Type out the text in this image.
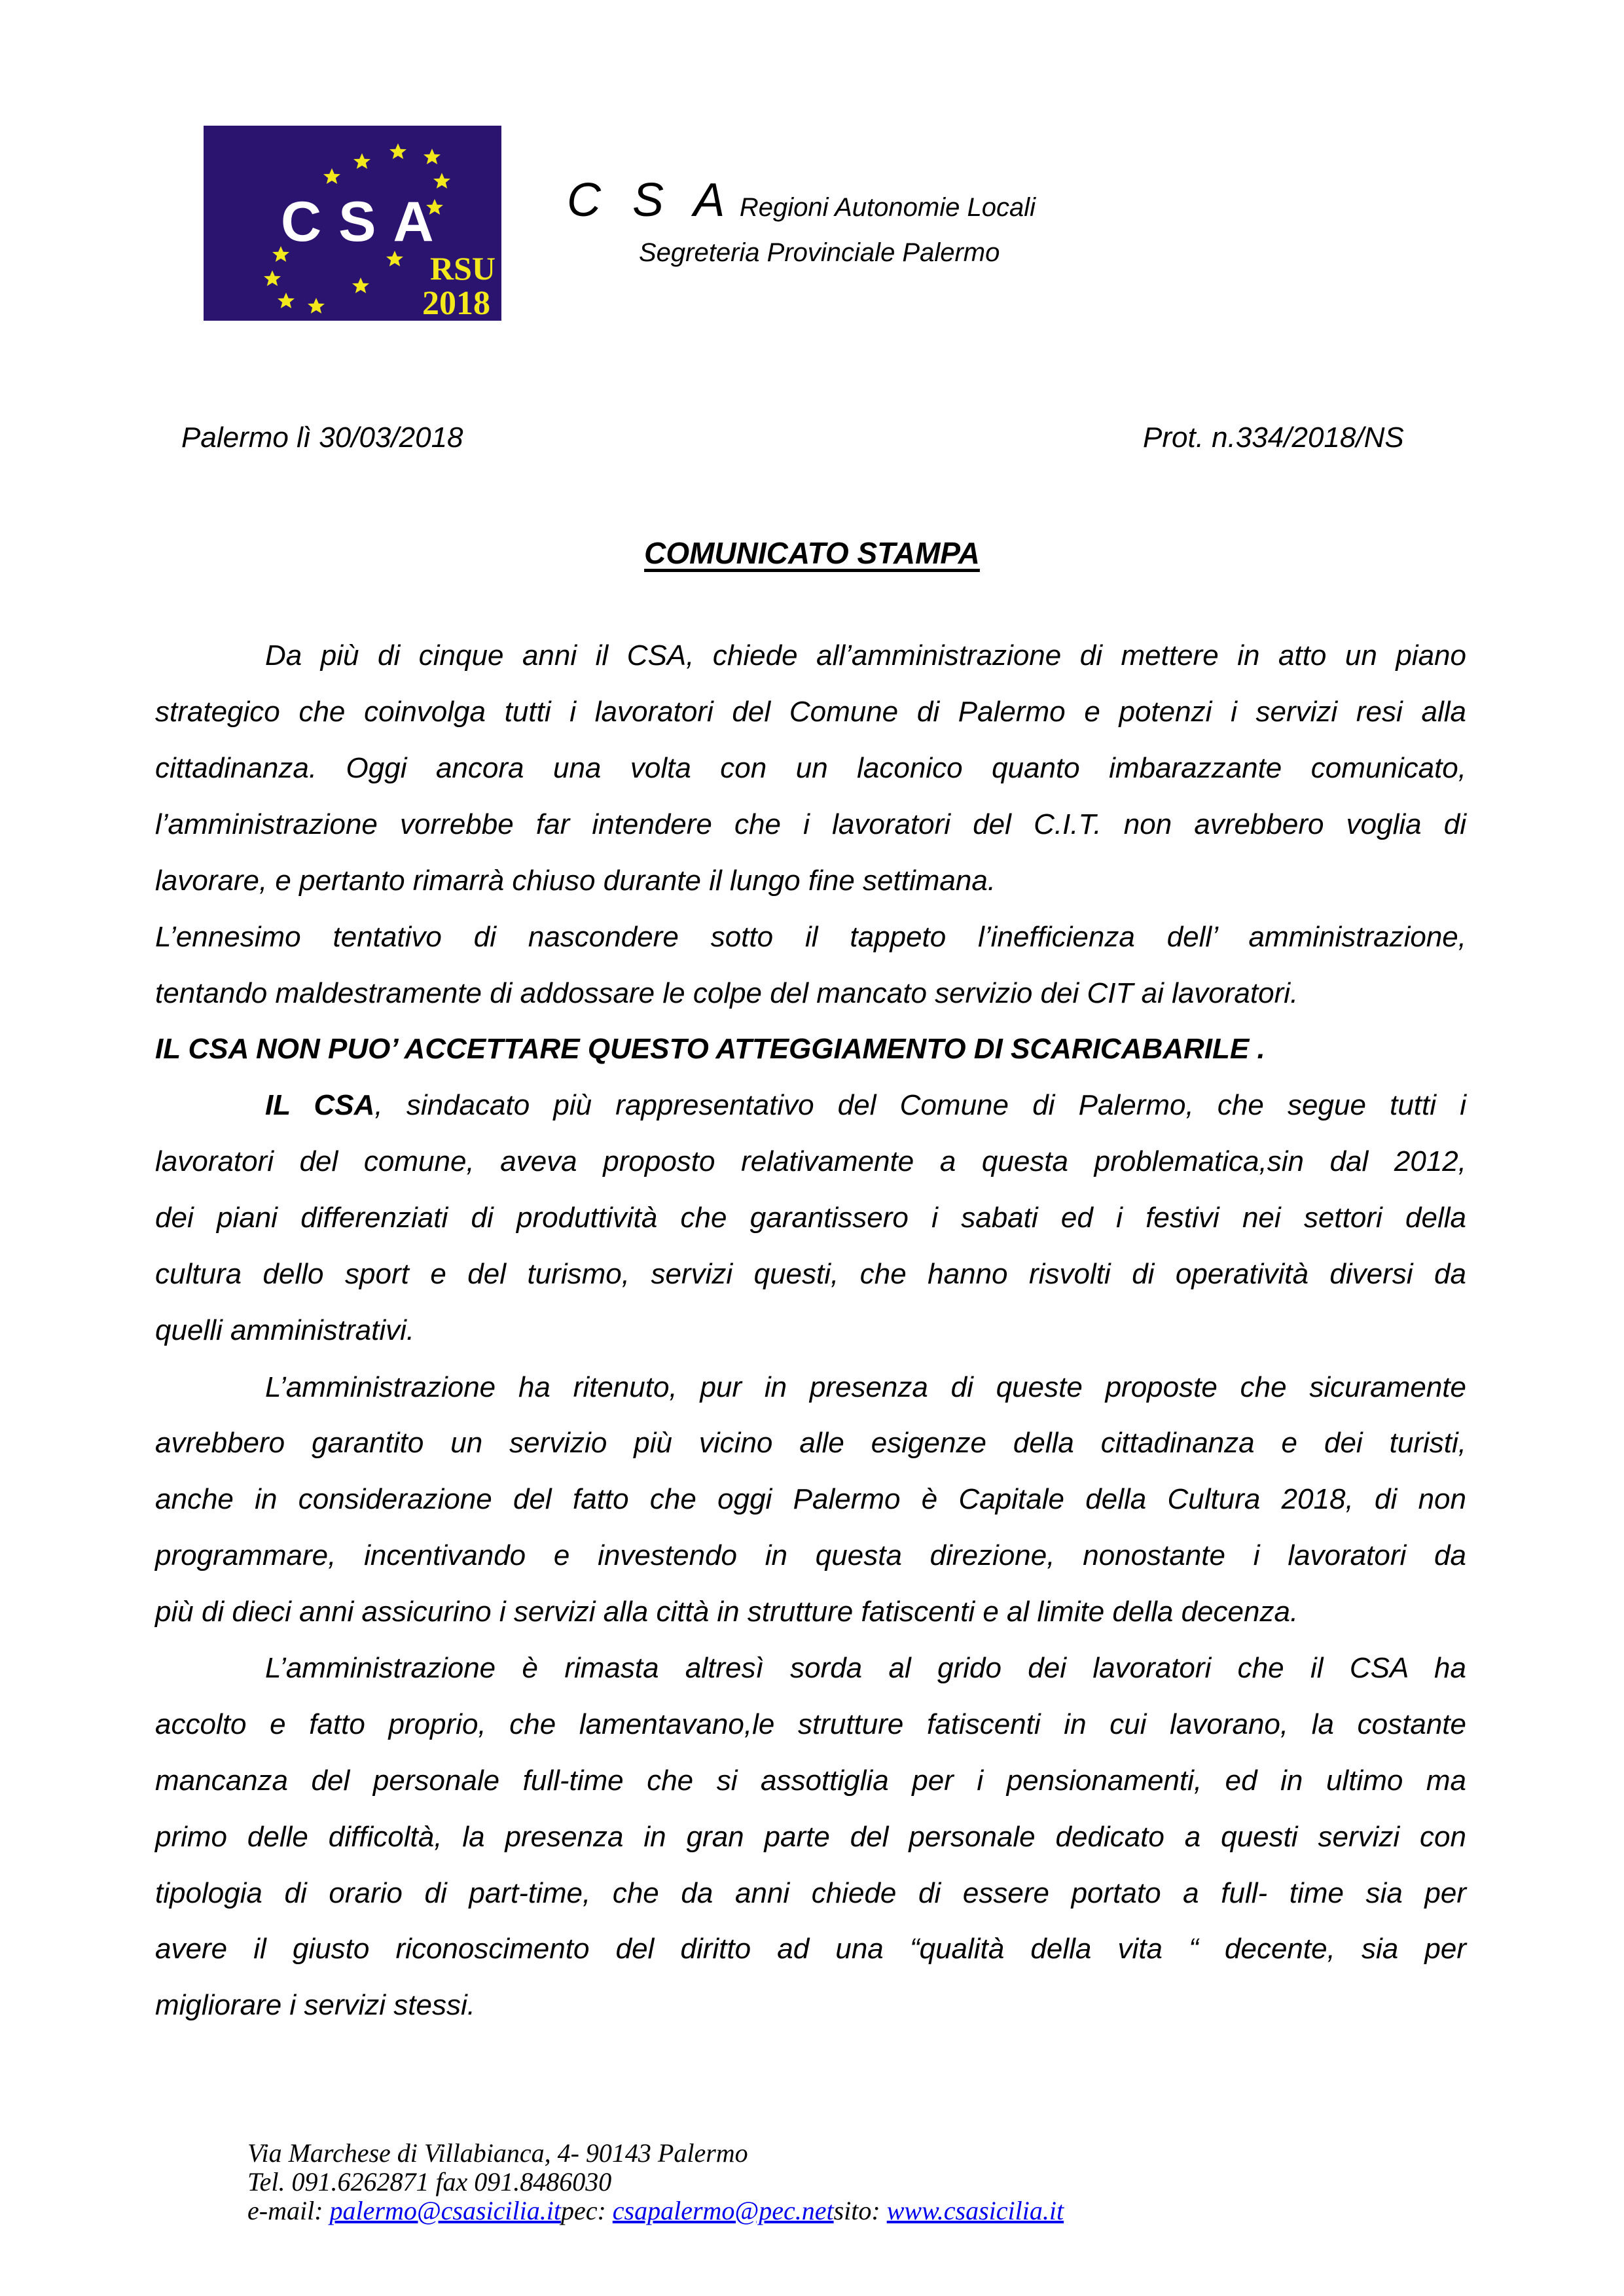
CSA
RSU
2018
C S A Regioni Autonomie Locali
Segreteria Provinciale Palermo
Palermo lì 30/03/2018	Prot. n.334/2018/NS
COMUNICATO STAMPA
Da più di cinque anni il CSA, chiede all’amministrazione di mettere in atto un piano
strategico che coinvolga tutti i lavoratori del Comune di Palermo e potenzi i servizi resi alla
cittadinanza. Oggi ancora una volta con un laconico quanto imbarazzante comunicato,
l’amministrazione vorrebbe far intendere che i lavoratori del C.I.T. non avrebbero voglia di
lavorare, e pertanto rimarrà chiuso durante il lungo fine settimana.
L’ennesimo tentativo di nascondere sotto il tappeto l’inefficienza dell’ amministrazione,
tentando maldestramente di addossare le colpe del mancato servizio dei CIT ai lavoratori.
IL CSA NON PUO’ ACCETTARE QUESTO ATTEGGIAMENTO DI SCARICABARILE .
IL CSA, sindacato più rappresentativo del Comune di Palermo, che segue tutti i
lavoratori del comune, aveva proposto relativamente a questa problematica,sin dal 2012,
dei piani differenziati di produttività che garantissero i sabati ed i festivi nei settori della
cultura dello sport e del turismo, servizi questi, che hanno risvolti di operatività diversi da
quelli amministrativi.
L’amministrazione ha ritenuto, pur in presenza di queste proposte che sicuramente
avrebbero garantito un servizio più vicino alle esigenze della cittadinanza e dei turisti,
anche in considerazione del fatto che oggi Palermo è Capitale della Cultura 2018, di non
programmare, incentivando e investendo in questa direzione, nonostante i lavoratori da
più di dieci anni assicurino i servizi alla città in strutture fatiscenti e al limite della decenza.
L’amministrazione è rimasta altresì sorda al grido dei lavoratori che il CSA ha
accolto e fatto proprio, che lamentavano,le strutture fatiscenti in cui lavorano, la costante
mancanza del personale full-time che si assottiglia per i pensionamenti, ed in ultimo ma
primo delle difficoltà, la presenza in gran parte del personale dedicato a questi servizi con
tipologia di orario di part-time, che da anni chiede di essere portato a full- time sia per
avere il giusto riconoscimento del diritto ad una “qualità della vita “ decente, sia per
migliorare i servizi stessi.
Via Marchese di Villabianca, 4- 90143 Palermo
Tel. 091.6262871 fax 091.8486030
e-mail: palermo@csasicilia.itpec: csapalermo@pec.netsito: www.csasicilia.it
